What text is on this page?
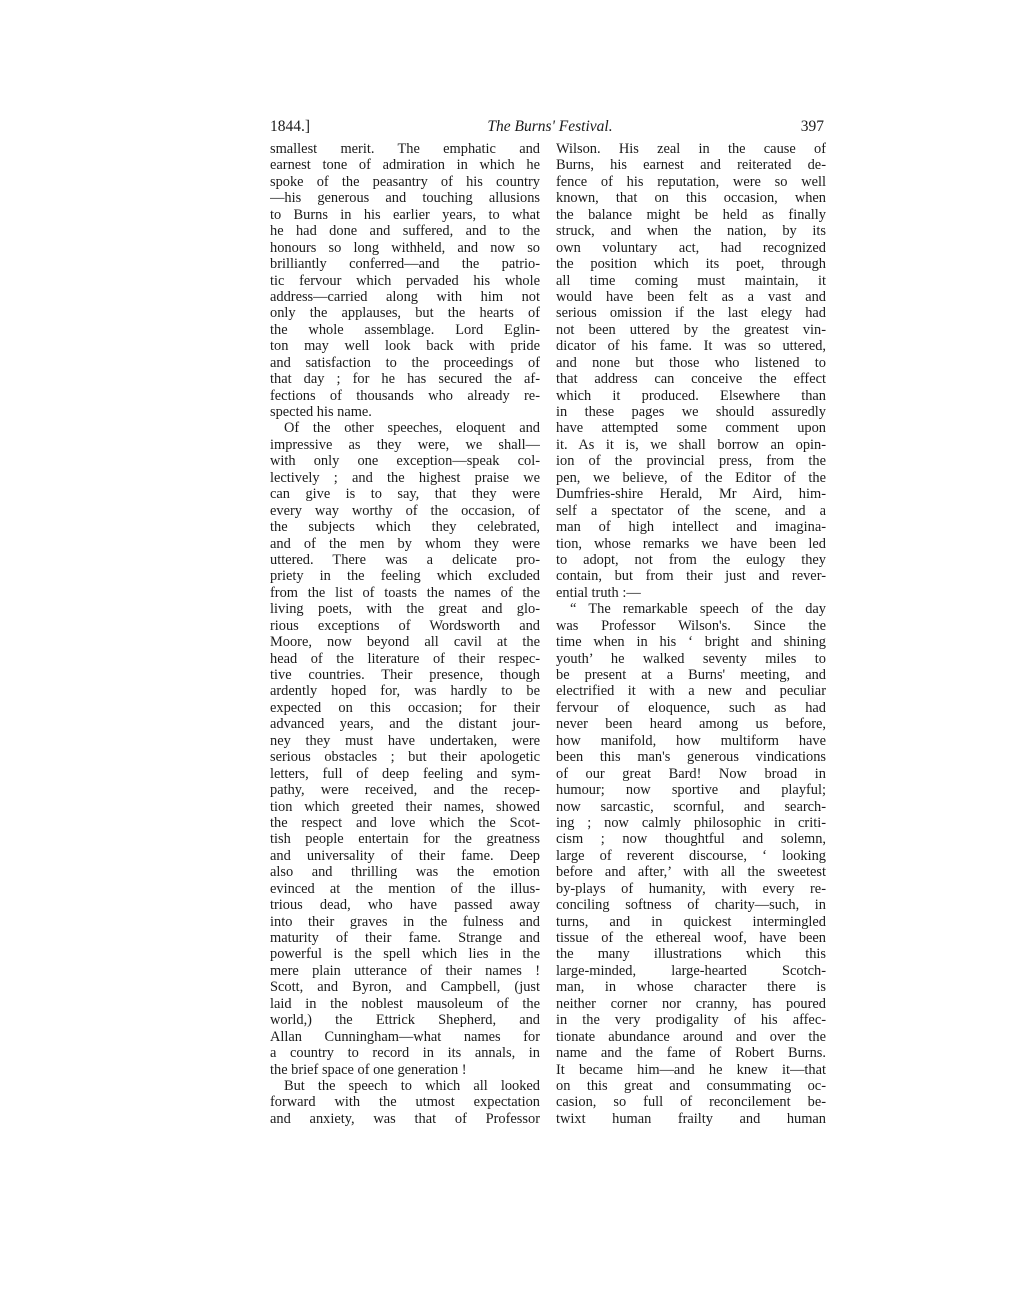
The Burns' Festival.
1844.]	397
smallest merit. The emphatic and
earnest tone of admiration in which he
spoke of the peasantry of his country
—his generous and touching allusions
to Burns in his earlier years, to what
he had done and suffered, and to the
honours so long withheld, and now so
brilliantly conferred—and the patrio-
tic fervour which pervaded his whole
address—carried along with him not
only the applauses, but the hearts of
the whole assemblage. Lord Eglin-
ton may well look back with pride
and satisfaction to the proceedings of
that day ; for he has secured the af-
fections of thousands who already re-
spected his name.
Of the other speeches, eloquent and
impressive as they were, we shall—
with only one exception—speak col-
lectively ; and the highest praise we
can give is to say, that they were
every way worthy of the occasion, of
the subjects which they celebrated,
and of the men by whom they were
uttered. There was a delicate pro-
priety in the feeling which excluded
from the list of toasts the names of the
living poets, with the great and glo-
rious exceptions of Wordsworth and
Moore, now beyond all cavil at the
head of the literature of their respec-
tive countries. Their presence, though
ardently hoped for, was hardly to be
expected on this occasion; for their
advanced years, and the distant jour-
ney they must have undertaken, were
serious obstacles ; but their apologetic
letters, full of deep feeling and sym-
pathy, were received, and the recep-
tion which greeted their names, showed
the respect and love which the Scot-
tish people entertain for the greatness
and universality of their fame. Deep
also and thrilling was the emotion
evinced at the mention of the illus-
trious dead, who have passed away
into their graves in the fulness and
maturity of their fame. Strange and
powerful is the spell which lies in the
mere plain utterance of their names !
Scott, and Byron, and Campbell, (just
laid in the noblest mausoleum of the
world,) the Ettrick Shepherd, and
Allan Cunningham—what names for
a country to record in its annals, in
the brief space of one generation !
But the speech to which all looked
forward with the utmost expectation
and anxiety, was that of Professor
Wilson. His zeal in the cause of
Burns, his earnest and reiterated de-
fence of his reputation, were so well
known, that on this occasion, when
the balance might be held as finally
struck, and when the nation, by its
own voluntary act, had recognized
the position which its poet, through
all time coming must maintain, it
would have been felt as a vast and
serious omission if the last elegy had
not been uttered by the greatest vin-
dicator of his fame. It was so uttered,
and none but those who listened to
that address can conceive the effect
which it produced. Elsewhere than
in these pages we should assuredly
have attempted some comment upon
it. As it is, we shall borrow an opin-
ion of the provincial press, from the
pen, we believe, of the Editor of the
Dumfries-shire Herald, Mr Aird, him-
self a spectator of the scene, and a
man of high intellect and imagina-
tion, whose remarks we have been led
to adopt, not from the eulogy they
contain, but from their just and rever-
ential truth :—
“ The remarkable speech of the day
was Professor Wilson's. Since the
time when in his ‘ bright and shining
youth’ he walked seventy miles to
be present at a Burns' meeting, and
electrified it with a new and peculiar
fervour of eloquence, such as had
never been heard among us before,
how manifold, how multiform have
been this man's generous vindications
of our great Bard! Now broad in
humour; now sportive and playful;
now sarcastic, scornful, and search-
ing ; now calmly philosophic in criti-
cism ; now thoughtful and solemn,
large of reverent discourse, ‘ looking
before and after,’ with all the sweetest
by-plays of humanity, with every re-
conciling softness of charity—such, in
turns, and in quickest intermingled
tissue of the ethereal woof, have been
the many illustrations which this
large-minded, large-hearted Scotch-
man, in whose character there is
neither corner nor cranny, has poured
in the very prodigality of his affec-
tionate abundance around and over the
name and the fame of Robert Burns.
It became him—and he knew it—that
on this great and consummating oc-
casion, so full of reconcilement be-
twixt human frailty and human
